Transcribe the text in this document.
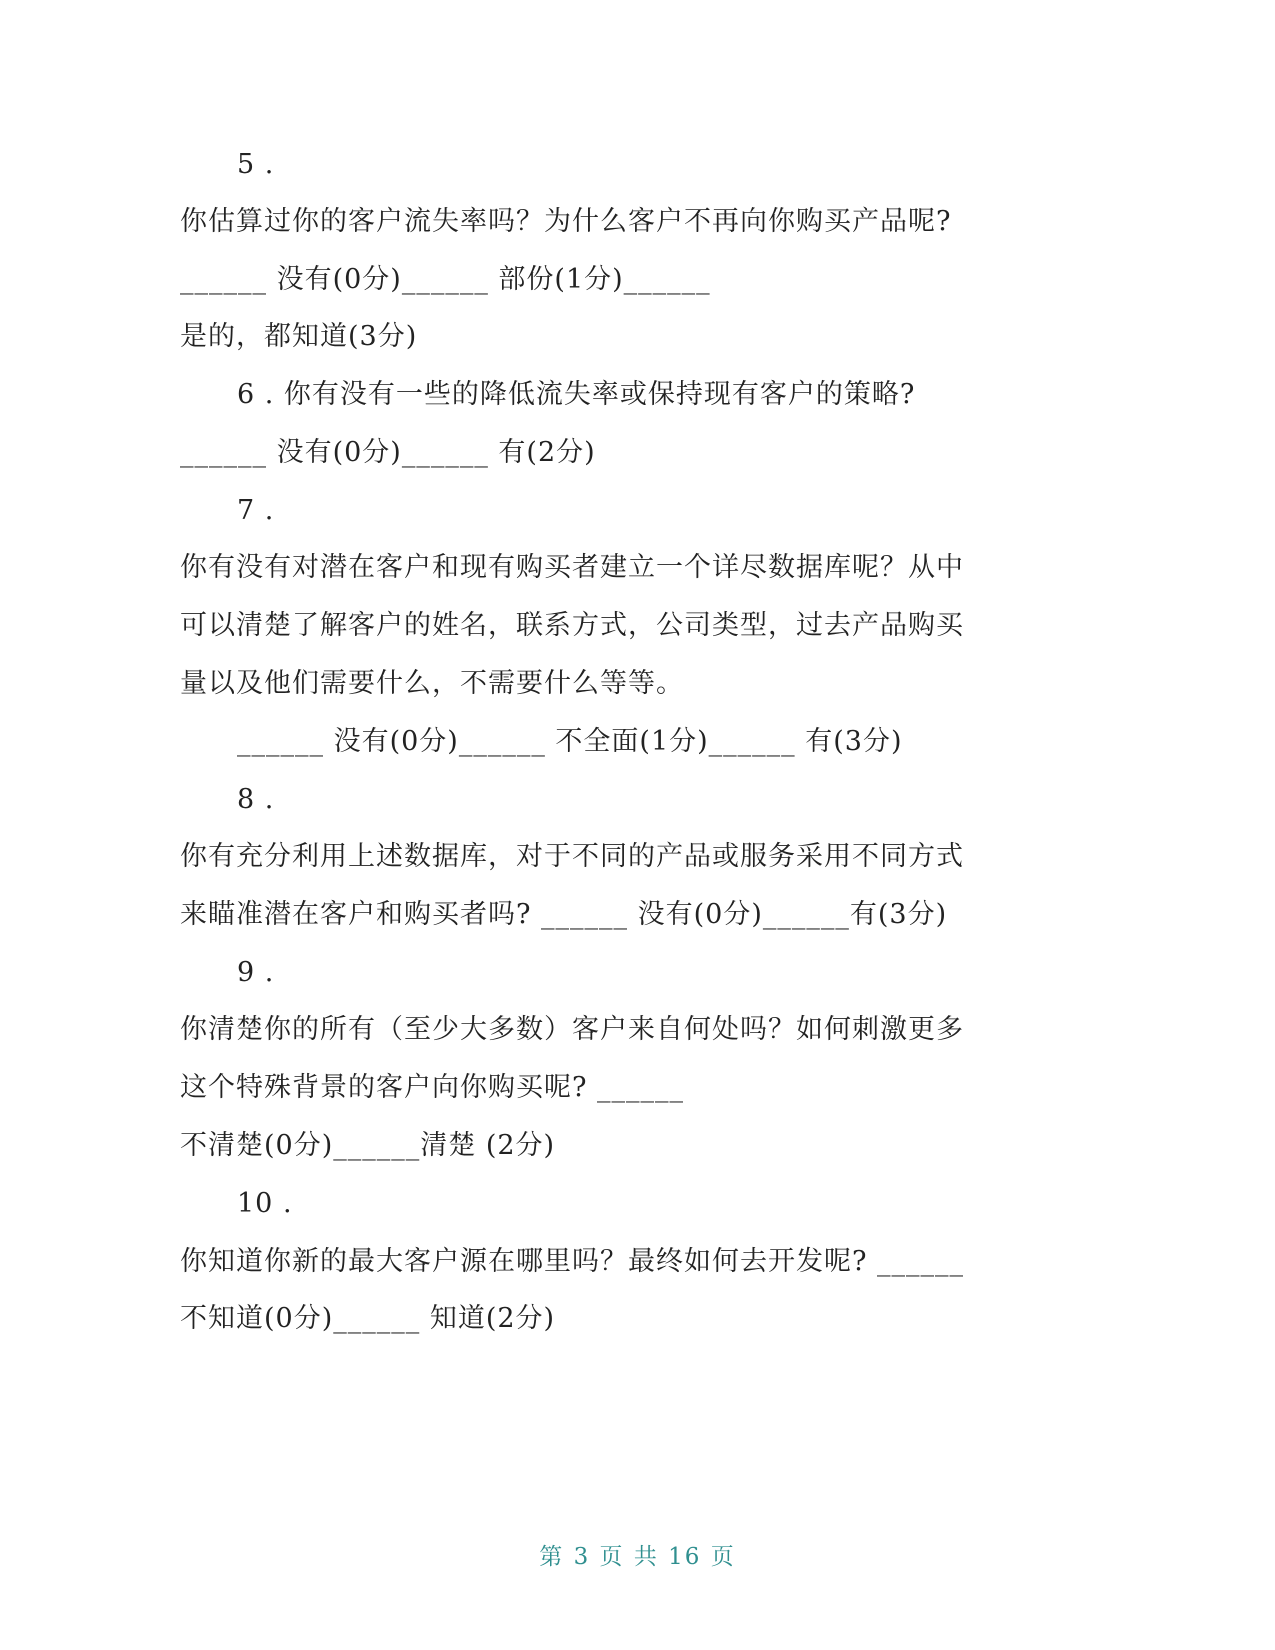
5 .
你估算过你的客户流失率吗？为什么客户不再向你购买产品呢?
______ 没有(0分)______ 部份(1分)______
是的，都知道(3分)
6 . 你有没有一些的降低流失率或保持现有客户的策略?
______ 没有(0分)______ 有(2分)
7 .
你有没有对潜在客户和现有购买者建立一个详尽数据库呢？从中
可以清楚了解客户的姓名，联系方式，公司类型，过去产品购买
量以及他们需要什么，不需要什么等等。
______ 没有(0分)______ 不全面(1分)______ 有(3分)
8 .
你有充分利用上述数据库，对于不同的产品或服务采用不同方式
来瞄准潜在客户和购买者吗? ______ 没有(0分)______有(3分)
9 .
你清楚你的所有（至少大多数）客户来自何处吗？如何刺激更多
这个特殊背景的客户向你购买呢? ______
不清楚(0分)______清楚 (2分)
10 .
你知道你新的最大客户源在哪里吗？最终如何去开发呢? ______
不知道(0分)______ 知道(2分)
第 3 页 共 16 页
